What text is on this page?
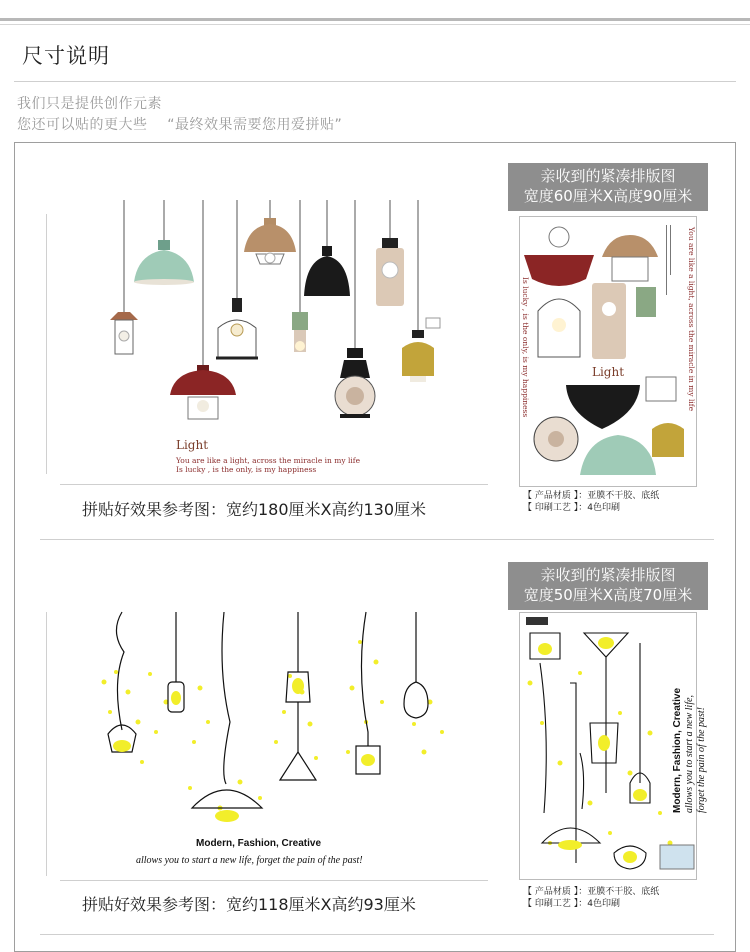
尺寸说明
我们只是提供创作元素
您还可以贴的更大些    “最终效果需要您用爱拼贴”
Light
You are like a light, across the miracle in my life
Is lucky , is the only, is my happiness
拼贴好效果参考图：宽约180厘米X高约130厘米
亲收到的紧凑排版图
宽度60厘米X高度90厘米
Light
Is lucky , is the only, is my happiness	You are like a light, across the miracle in my life
【 产品材质 】：亚膜不干胶、底纸
【 印刷工艺 】：4色印刷
Modern, Fashion, Creative
allows you to start a new life, forget the pain of the past!
拼贴好效果参考图：宽约118厘米X高约93厘米
亲收到的紧凑排版图
宽度50厘米X高度70厘米
Modern, Fashion, Creative allows you to start a new life, forget the pain of the past!
【 产品材质 】：亚膜不干胶、底纸
【 印刷工艺 】：4色印刷
